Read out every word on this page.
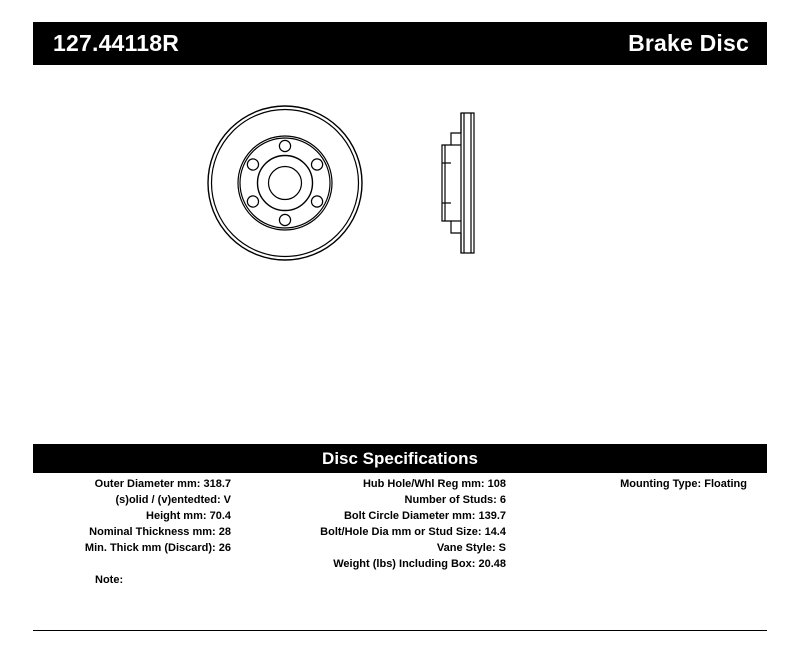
127.44118R	Brake Disc
Disc Specifications
Outer Diameter mm: 318.7
(s)olid / (v)entedted: V
Height mm: 70.4
Nominal Thickness mm: 28
Min. Thick mm (Discard): 26
Hub Hole/Whl Reg mm: 108
Number of Studs: 6
Bolt Circle Diameter mm: 139.7
Bolt/Hole Dia mm or Stud Size: 14.4
Vane Style: S
Weight (lbs) Including Box: 20.48
Mounting Type: Floating
Note:
